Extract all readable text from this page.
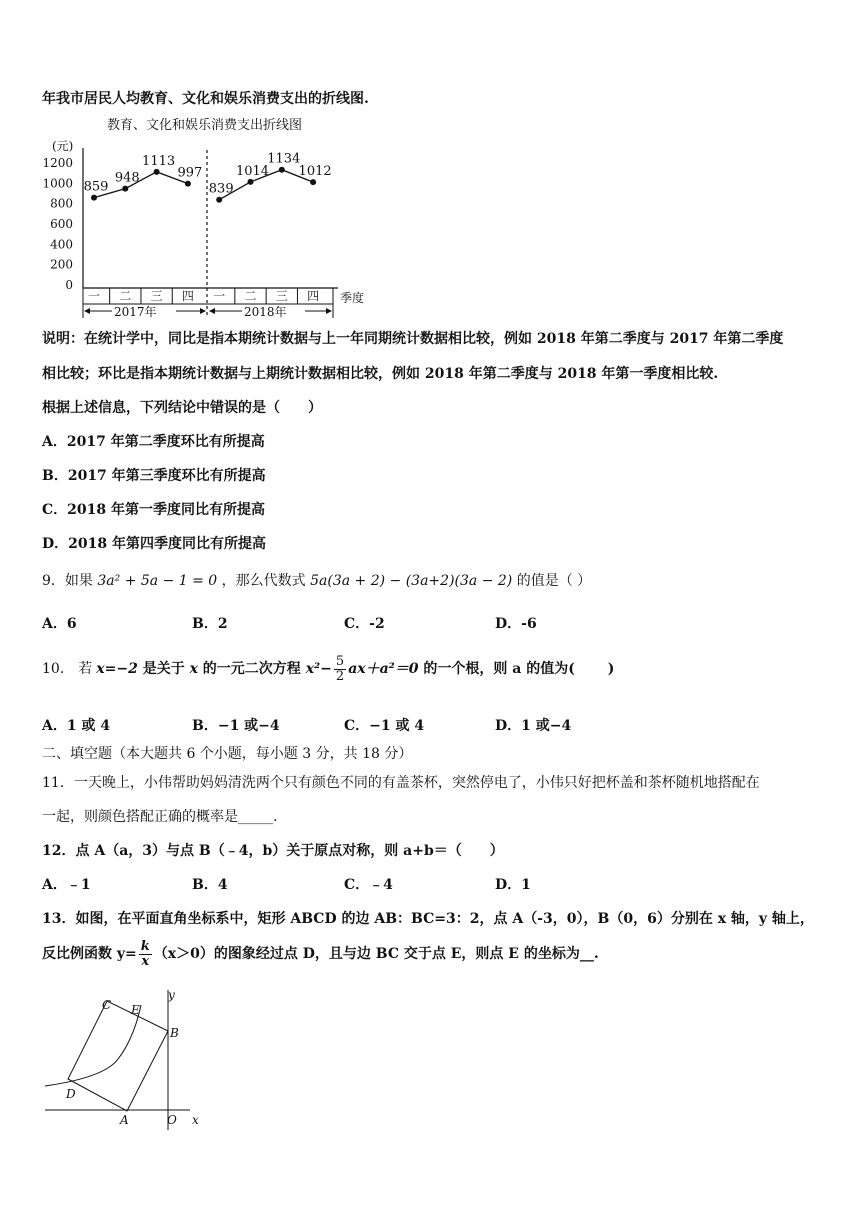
年我市居民人均教育、文化和娱乐消费支出的折线图.
教育、文化和娱乐消费支出折线图
(元)
0
200
400
600
800
1000
1200
一 二 三 四 一 二 三 四
2017年	2018年
季度
859
948
1113
997
839
1014
1134
1012
说明：在统计学中，同比是指本期统计数据与上一年同期统计数据相比较，例如 2018 年第二季度与 2017 年第二季度
相比较；环比是指本期统计数据与上期统计数据相比较，例如 2018 年第二季度与 2018 年第一季度相比较.
根据上述信息，下列结论中错误的是（　　）
A．2017 年第二季度环比有所提高
B．2017 年第三季度环比有所提高
C．2018 年第一季度同比有所提高
D．2018 年第四季度同比有所提高
9．如果 3a² + 5a − 1 = 0 ，那么代数式 5a(3a + 2) − (3a+2)(3a − 2) 的值是（ ）
A．6	B．2	C．-2	D．-6
10． 若 x=−2 是关于 x 的一元二次方程 $x^2- \frac{5}{2} ax+a^2=0$ 的一个根，则 a 的值为(　　 )
A．1 或 4	B．−1 或−4	C．−1 或 4	D．1 或−4
二、填空题（本大题共 6 个小题，每小题 3 分，共 18 分）
11．一天晚上，小伟帮助妈妈清洗两个只有颜色不同的有盖茶杯，突然停电了，小伟只好把杯盖和茶杯随机地搭配在
一起，则颜色搭配正确的概率是_____.
12．点 A（a，3）与点 B（﹣4，b）关于原点对称，则 a+b＝（　　）
A．﹣1	B．4	C．﹣4	D．1
13．如图，在平面直角坐标系中，矩形 ABCD 的边 AB：BC=3：2，点 A（-3，0），B（0，6）分别在 x 轴，y 轴上，
反比例函数 $y= \frac{k}{x} (x>0)$的图象经过点 D，且与边 BC 交于点 E，则点 E 的坐标为__.
C E
y
B
D
A	O x
